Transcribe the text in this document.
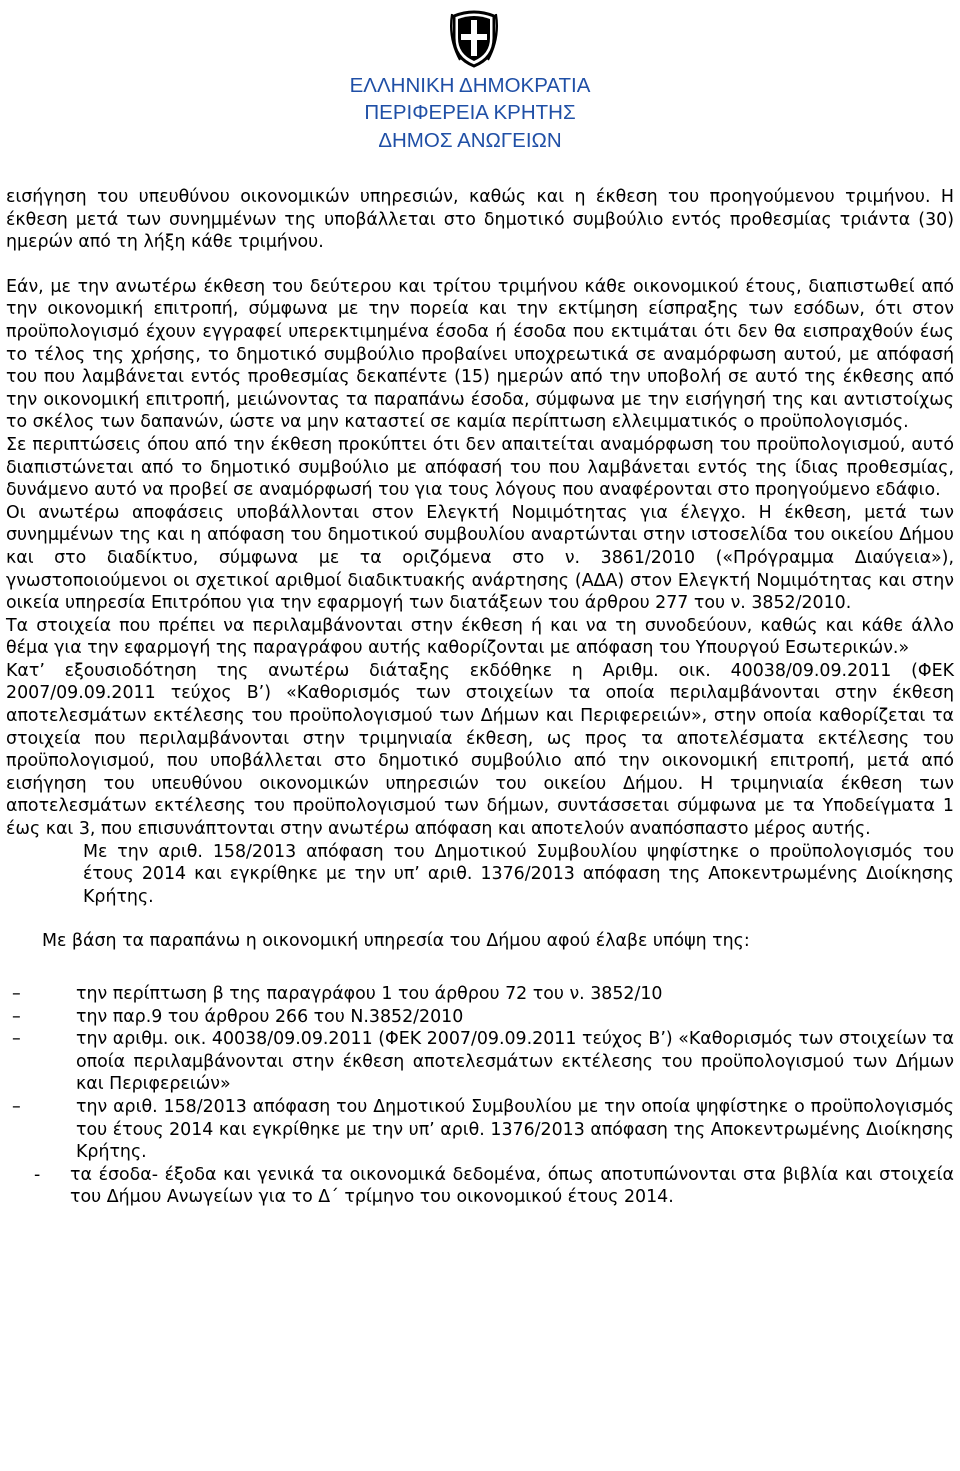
ΕΛΛΗΝΙΚΗ ΔΗΜΟΚΡΑΤΙΑ
ΠΕΡΙΦΕΡΕΙΑ ΚΡΗΤΗΣ
ΔΗΜΟΣ ΑΝΩΓΕΙΩΝ

εισήγηση του υπευθύνου οικονομικών υπηρεσιών, καθώς και η έκθεση του προηγούμενου τριμήνου. Η έκθεση μετά των συνημμένων της υποβάλλεται στο δημοτικό συμβούλιο εντός προθεσμίας τριάντα (30) ημερών από τη λήξη κάθε τριμήνου.

Εάν, με την ανωτέρω έκθεση του δεύτερου και τρίτου τριμήνου κάθε οικονομικού έτους, διαπιστωθεί από την οικονομική επιτροπή, σύμφωνα με την πορεία και την εκτίμηση είσπραξης των εσόδων, ότι στον προϋπολογισμό έχουν εγγραφεί υπερεκτιμημένα έσοδα ή έσοδα που εκτιμάται ότι δεν θα εισπραχθούν έως το τέλος της χρήσης, το δημοτικό συμβούλιο προβαίνει υποχρεωτικά σε αναμόρφωση αυτού, με απόφασή του που λαμβάνεται εντός προθεσμίας δεκαπέντε (15) ημερών από την υποβολή σε αυτό της έκθεσης από την οικονομική επιτροπή, μειώνοντας τα παραπάνω έσοδα, σύμφωνα με την εισήγησή της και αντιστοίχως το σκέλος των δαπανών, ώστε να μην καταστεί σε καμία περίπτωση ελλειμματικός ο προϋπολογισμός.

Σε περιπτώσεις όπου από την έκθεση προκύπτει ότι δεν απαιτείται αναμόρφωση του προϋπολογισμού, αυτό διαπιστώνεται από το δημοτικό συμβούλιο με απόφασή του που λαμβάνεται εντός της ίδιας προθεσμίας, δυνάμενο αυτό να προβεί σε αναμόρφωσή του για τους λόγους που αναφέρονται στο προηγούμενο εδάφιο.

Οι ανωτέρω αποφάσεις υποβάλλονται στον Ελεγκτή Νομιμότητας για έλεγχο. Η έκθεση, μετά των συνημμένων της και η απόφαση του δημοτικού συμβουλίου αναρτώνται στην ιστοσελίδα του οικείου Δήμου και στο διαδίκτυο, σύμφωνα με τα οριζόμενα στο ν. 3861/2010 («Πρόγραμμα Διαύγεια»), γνωστοποιούμενοι οι σχετικοί αριθμοί διαδικτυακής ανάρτησης (ΑΔΑ) στον Ελεγκτή Νομιμότητας και στην οικεία υπηρεσία Επιτρόπου για την εφαρμογή των διατάξεων του άρθρου 277 του ν. 3852/2010.

Τα στοιχεία που πρέπει να περιλαμβάνονται στην έκθεση ή και να τη συνοδεύουν, καθώς και κάθε άλλο θέμα για την εφαρμογή της παραγράφου αυτής καθορίζονται με απόφαση του Υπουργού Εσωτερικών.»

Κατ’ εξουσιοδότηση της ανωτέρω διάταξης εκδόθηκε η Αριθμ. οικ. 40038/09.09.2011 (ΦΕΚ 2007/09.09.2011 τεύχος Β’) «Καθορισμός των στοιχείων τα οποία περιλαμβάνονται στην έκθεση αποτελεσμάτων εκτέλεσης του προϋπολογισμού των Δήμων και Περιφερειών», στην οποία καθορίζεται τα στοιχεία που περιλαμβάνονται στην τριμηνιαία έκθεση, ως προς τα αποτελέσματα εκτέλεσης του προϋπολογισμού, που υποβάλλεται στο δημοτικό συμβούλιο από την οικονομική επιτροπή, μετά από εισήγηση του υπευθύνου οικονομικών υπηρεσιών του οικείου Δήμου. Η τριμηνιαία έκθεση των αποτελεσμάτων εκτέλεσης του προϋπολογισμού των δήμων, συντάσσεται σύμφωνα με τα Υποδείγματα 1 έως και 3, που επισυνάπτονται στην ανωτέρω απόφαση και αποτελούν αναπόσπαστο μέρος αυτής.

Με την αριθ. 158/2013 απόφαση του Δημοτικού Συμβουλίου ψηφίστηκε ο προϋπολογισμός του έτους 2014 και εγκρίθηκε με την υπ’ αριθ. 1376/2013 απόφαση της Αποκεντρωμένης Διοίκησης Κρήτης.

Με βάση τα παραπάνω η οικονομική υπηρεσία του Δήμου αφού έλαβε υπόψη της:

–	την περίπτωση β της παραγράφου 1 του άρθρου 72 του ν. 3852/10
–	την παρ.9 του άρθρου 266 του Ν.3852/2010
–	την αριθμ. οικ. 40038/09.09.2011 (ΦΕΚ 2007/09.09.2011 τεύχος Β’) «Καθορισμός των στοιχείων τα οποία περιλαμβάνονται στην έκθεση αποτελεσμάτων εκτέλεσης του προϋπολογισμού των Δήμων και Περιφερειών»
–	την αριθ. 158/2013 απόφαση του Δημοτικού Συμβουλίου με την οποία ψηφίστηκε ο προϋπολογισμός του έτους 2014 και εγκρίθηκε με την υπ’ αριθ. 1376/2013 απόφαση της Αποκεντρωμένης Διοίκησης Κρήτης.
- τα έσοδα- έξοδα και γενικά τα οικονομικά δεδομένα, όπως αποτυπώνονται στα βιβλία και στοιχεία του Δήμου Ανωγείων για το Δ΄ τρίμηνο του οικονομικού έτους 2014.
